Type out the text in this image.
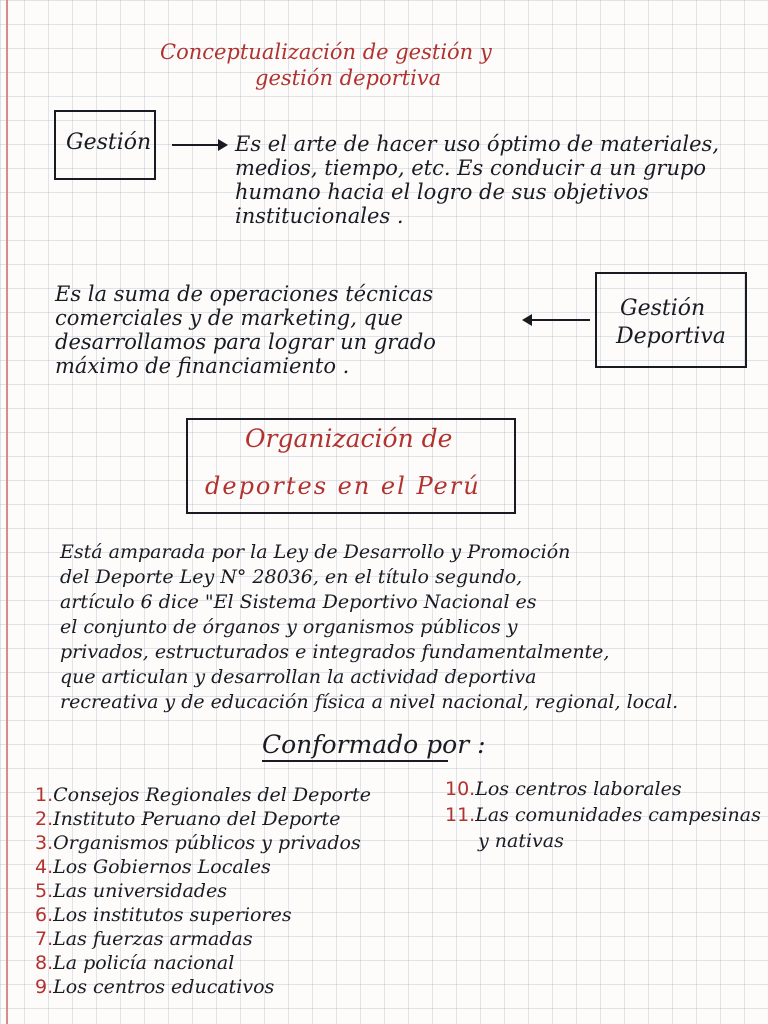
Conceptualización de gestión y
gestión deportiva
Gestión	Es el arte de hacer uso óptimo de materiales,
medios, tiempo, etc. Es conducir a un grupo
humano hacia el logro de sus objetivos
institucionales .
Es la suma de operaciones técnicas
comerciales y de marketing, que
desarrollamos para lograr un grado
máximo de financiamiento .
Gestión
Deportiva
Organización de
deportes en el Perú
Está amparada por la Ley de Desarrollo y Promoción
del Deporte Ley N° 28036, en el título segundo,
artículo 6 dice "El Sistema Deportivo Nacional es
el conjunto de órganos y organismos públicos y
privados, estructurados e integrados fundamentalmente,
que articulan y desarrollan la actividad deportiva
recreativa y de educación física a nivel nacional, regional, local.
Conformado por :
1.Consejos Regionales del Deporte
2.Instituto Peruano del Deporte
3.Organismos públicos y privados
4.Los Gobiernos Locales
5.Las universidades
6.Los institutos superiores
7.Las fuerzas armadas
8.La policía nacional
9.Los centros educativos
10.Los centros laborales
11.Las comunidades campesinas
y nativas
